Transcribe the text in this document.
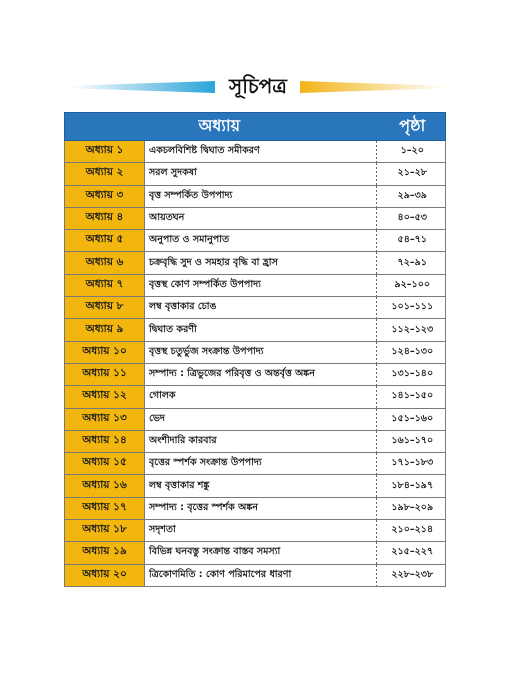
সূচিপত্র
অধ্যায়			পৃষ্ঠা
অধ্যায় ১	একচলবিশিষ্ট দ্বিঘাত সমীকরণ		১–২০
অধ্যায় ২	সরল সুদকষা		২১–২৮
অধ্যায় ৩	বৃত্ত সম্পর্কিত উপপাদ্য		২৯–৩৯
অধ্যায় ৪	আয়তঘন		৪০–৫৩
অধ্যায় ৫	অনুপাত ও সমানুপাত		৫৪–৭১
অধ্যায় ৬	চক্রবৃদ্ধি সুদ ও সমহার বৃদ্ধি বা হ্রাস		৭২–৯১
অধ্যায় ৭	বৃত্তস্থ কোণ সম্পর্কিত উপপাদ্য		৯২–১০০
অধ্যায় ৮	লম্ব বৃত্তাকার চোঙ		১০১–১১১
অধ্যায় ৯	দ্বিঘাত করণী		১১২–১২৩
অধ্যায় ১০	বৃত্তস্থ চতুর্ভুজ সংক্রান্ত উপপাদ্য		১২৪–১৩০
অধ্যায় ১১	সম্পাদ্য : ত্রিভুজের পরিবৃত্ত ও অন্তর্বৃত্ত অঙ্কন		১৩১–১৪০
অধ্যায় ১২	গোলক		১৪১–১৫০
অধ্যায় ১৩	ভেদ		১৫১–১৬০
অধ্যায় ১৪	অংশীদারি কারবার		১৬১–১৭০
অধ্যায় ১৫	বৃত্তের স্পর্শক সংক্রান্ত উপপাদ্য		১৭১–১৮৩
অধ্যায় ১৬	লম্ব বৃত্তাকার শঙ্কু		১৮৪–১৯৭
অধ্যায় ১৭	সম্পাদ্য : বৃত্তের স্পর্শক অঙ্কন		১৯৮–২০৯
অধ্যায় ১৮	সদৃশতা		২১০–২১৪
অধ্যায় ১৯	বিভিন্ন ঘনবস্তু সংক্রান্ত বাস্তব সমস্যা		২১৫–২২৭
অধ্যায় ২০	ত্রিকোণমিতি : কোণ পরিমাপের ধারণা		২২৮–২৩৮
